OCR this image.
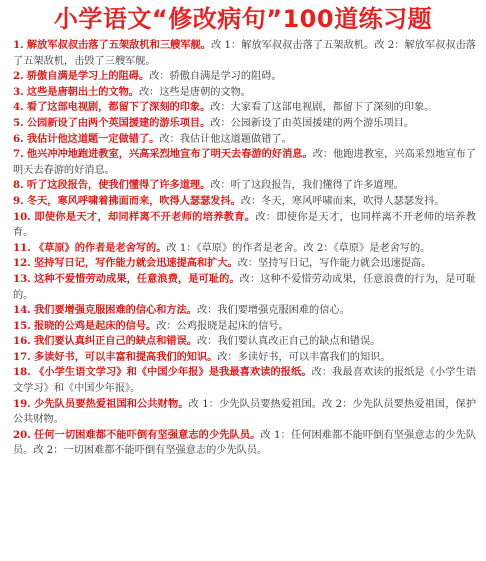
小学语文“修改病句”100道练习题

1. 解放军叔叔击落了五架敌机和三艘军舰。改 1：解放军叔叔击落了五架敌机。改 2：解放军叔叔击落了五架敌机，击毁了三艘军舰。

2. 骄傲自满是学习上的阻碍。改：骄傲自满是学习的阻碍。

3. 这些是唐朝出土的文物。改：这些是唐朝的文物。

4. 看了这部电视剧，都留下了深刻的印象。改：大家看了这部电视剧，都留下了深刻的印象。

5. 公园新设了由两个英国援建的游乐项目。改：公园新设了由英国援建的两个游乐项目。

6. 我估计他这道题一定做错了。改：我估计他这道题做错了。

7. 他兴冲冲地跑进教室，兴高采烈地宣布了明天去春游的好消息。改：他跑进教室，兴高采烈地宣布了明天去春游的好消息。

8. 听了这段报告，使我们懂得了许多道理。改：听了这段报告，我们懂得了许多道理。

9. 冬天，寒风呼啸着拂面而来，吹得人瑟瑟发抖。改：冬天，寒风呼啸而来，吹得人瑟瑟发抖。

10. 即使你是天才，却同样离不开老师的培养教育。改：即使你是天才，也同样离不开老师的培养教育。

11. 《草原》的作者是老舍写的。改 1：《草原》的作者是老舍。改 2：《草原》是老舍写的。

12. 坚持写日记，写作能力就会迅速提高和扩大。改：坚持写日记，写作能力就会迅速提高。

13. 这种不爱惜劳动成果，任意浪费，是可耻的。改：这种不爱惜劳动成果，任意浪费的行为，是可耻的。

14. 我们要增强克服困难的信心和方法。改：我们要增强克服困难的信心。

15. 报晓的公鸡是起床的信号。改：公鸡报晓是起床的信号。

16. 我们要认真纠正自己的缺点和错误。改：我们要认真改正自己的缺点和错误。

17. 多读好书，可以丰富和提高我们的知识。改：多读好书，可以丰富我们的知识。

18. 《小学生语文学习》和《中国少年报》是我最喜欢读的报纸。改：我最喜欢读的报纸是《小学生语文学习》和《中国少年报》。

19. 少先队员要热爱祖国和公共财物。改 1：少先队员要热爱祖国。改 2：少先队员要热爱祖国，保护公共财物。

20. 任何一切困难都不能吓倒有坚强意志的少先队员。改 1：任何困难都不能吓倒有坚强意志的少先队员。改 2：一切困难都不能吓倒有坚强意志的少先队员。
